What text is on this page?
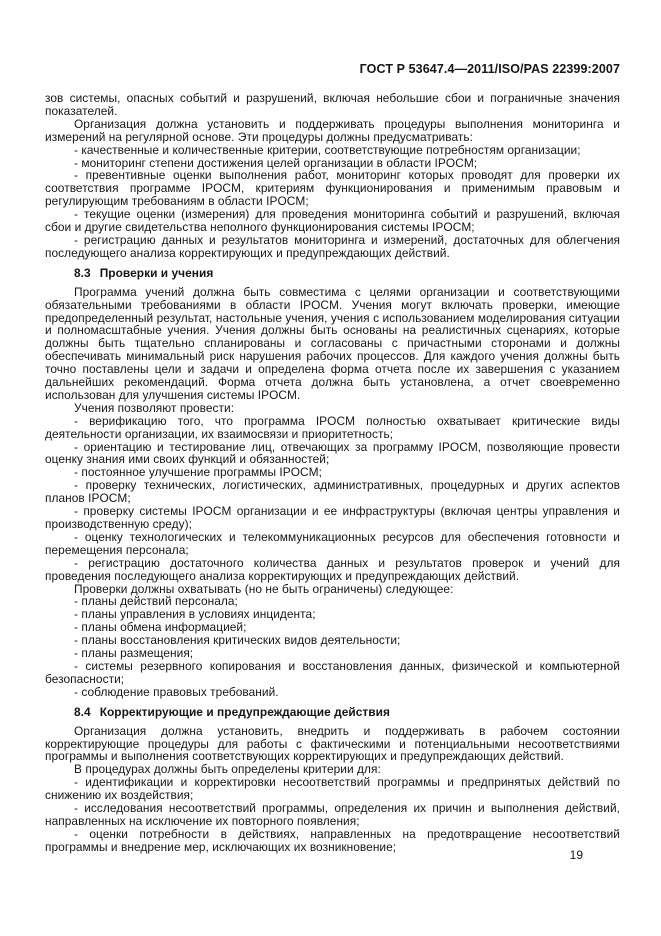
ГОСТ Р 53647.4—2011/ISO/PAS 22399:2007

зов системы, опасных событий и разрушений, включая небольшие сбои и пограничные значения показателей.

Организация должна установить и поддерживать процедуры выполнения мониторинга и измерений на регулярной основе. Эти процедуры должны предусматривать:

- качественные и количественные критерии, соответствующие потребностям организации;

- мониторинг степени достижения целей организации в области IPOCM;

- превентивные оценки выполнения работ, мониторинг которых проводят для проверки их соответствия программе IPOCM, критериям функционирования и применимым правовым и регулирующим требованиям в области IPOCM;

- текущие оценки (измерения) для проведения мониторинга событий и разрушений, включая сбои и другие свидетельства неполного функционирования системы IPOCM;

- регистрацию данных и результатов мониторинга и измерений, достаточных для облегчения последующего анализа корректирующих и предупреждающих действий.

8.3 Проверки и учения

Программа учений должна быть совместима с целями организации и соответствующими обязательными требованиями в области IPOCM. Учения могут включать проверки, имеющие предопределенный результат, настольные учения, учения с использованием моделирования ситуации и полномасштабные учения. Учения должны быть основаны на реалистичных сценариях, которые должны быть тщательно спланированы и согласованы с причастными сторонами и должны обеспечивать минимальный риск нарушения рабочих процессов. Для каждого учения должны быть точно поставлены цели и задачи и определена форма отчета после их завершения с указанием дальнейших рекомендаций. Форма отчета должна быть установлена, а отчет своевременно использован для улучшения системы IPOCM.

Учения позволяют провести:

- верификацию того, что программа IPOCM полностью охватывает критические виды деятельности организации, их взаимосвязи и приоритетность;

- ориентацию и тестирование лиц, отвечающих за программу IPOCM, позволяющие провести оценку знания ими своих функций и обязанностей;

- постоянное улучшение программы IPOCM;

- проверку технических, логистических, административных, процедурных и других аспектов планов IPOCM;

- проверку системы IPOCM организации и ее инфраструктуры (включая центры управления и производственную среду);

- оценку технологических и телекоммуникационных ресурсов для обеспечения готовности и перемещения персонала;

- регистрацию достаточного количества данных и результатов проверок и учений для проведения последующего анализа корректирующих и предупреждающих действий.

Проверки должны охватывать (но не быть ограничены) следующее:

- планы действий персонала;

- планы управления в условиях инцидента;

- планы обмена информацией;

- планы восстановления критических видов деятельности;

- планы размещения;

- системы резервного копирования и восстановления данных, физической и компьютерной безопасности;

- соблюдение правовых требований.

8.4 Корректирующие и предупреждающие действия

Организация должна установить, внедрить и поддерживать в рабочем состоянии корректирующие процедуры для работы с фактическими и потенциальными несоответствиями программы и выполнения соответствующих корректирующих и предупреждающих действий.

В процедурах должны быть определены критерии для:

- идентификации и корректировки несоответствий программы и предпринятых действий по снижению их воздействия;

- исследования несоответствий программы, определения их причин и выполнения действий, направленных на исключение их повторного появления;

- оценки потребности в действиях, направленных на предотвращение несоответствий программы и внедрение мер, исключающих их возникновение;

19
